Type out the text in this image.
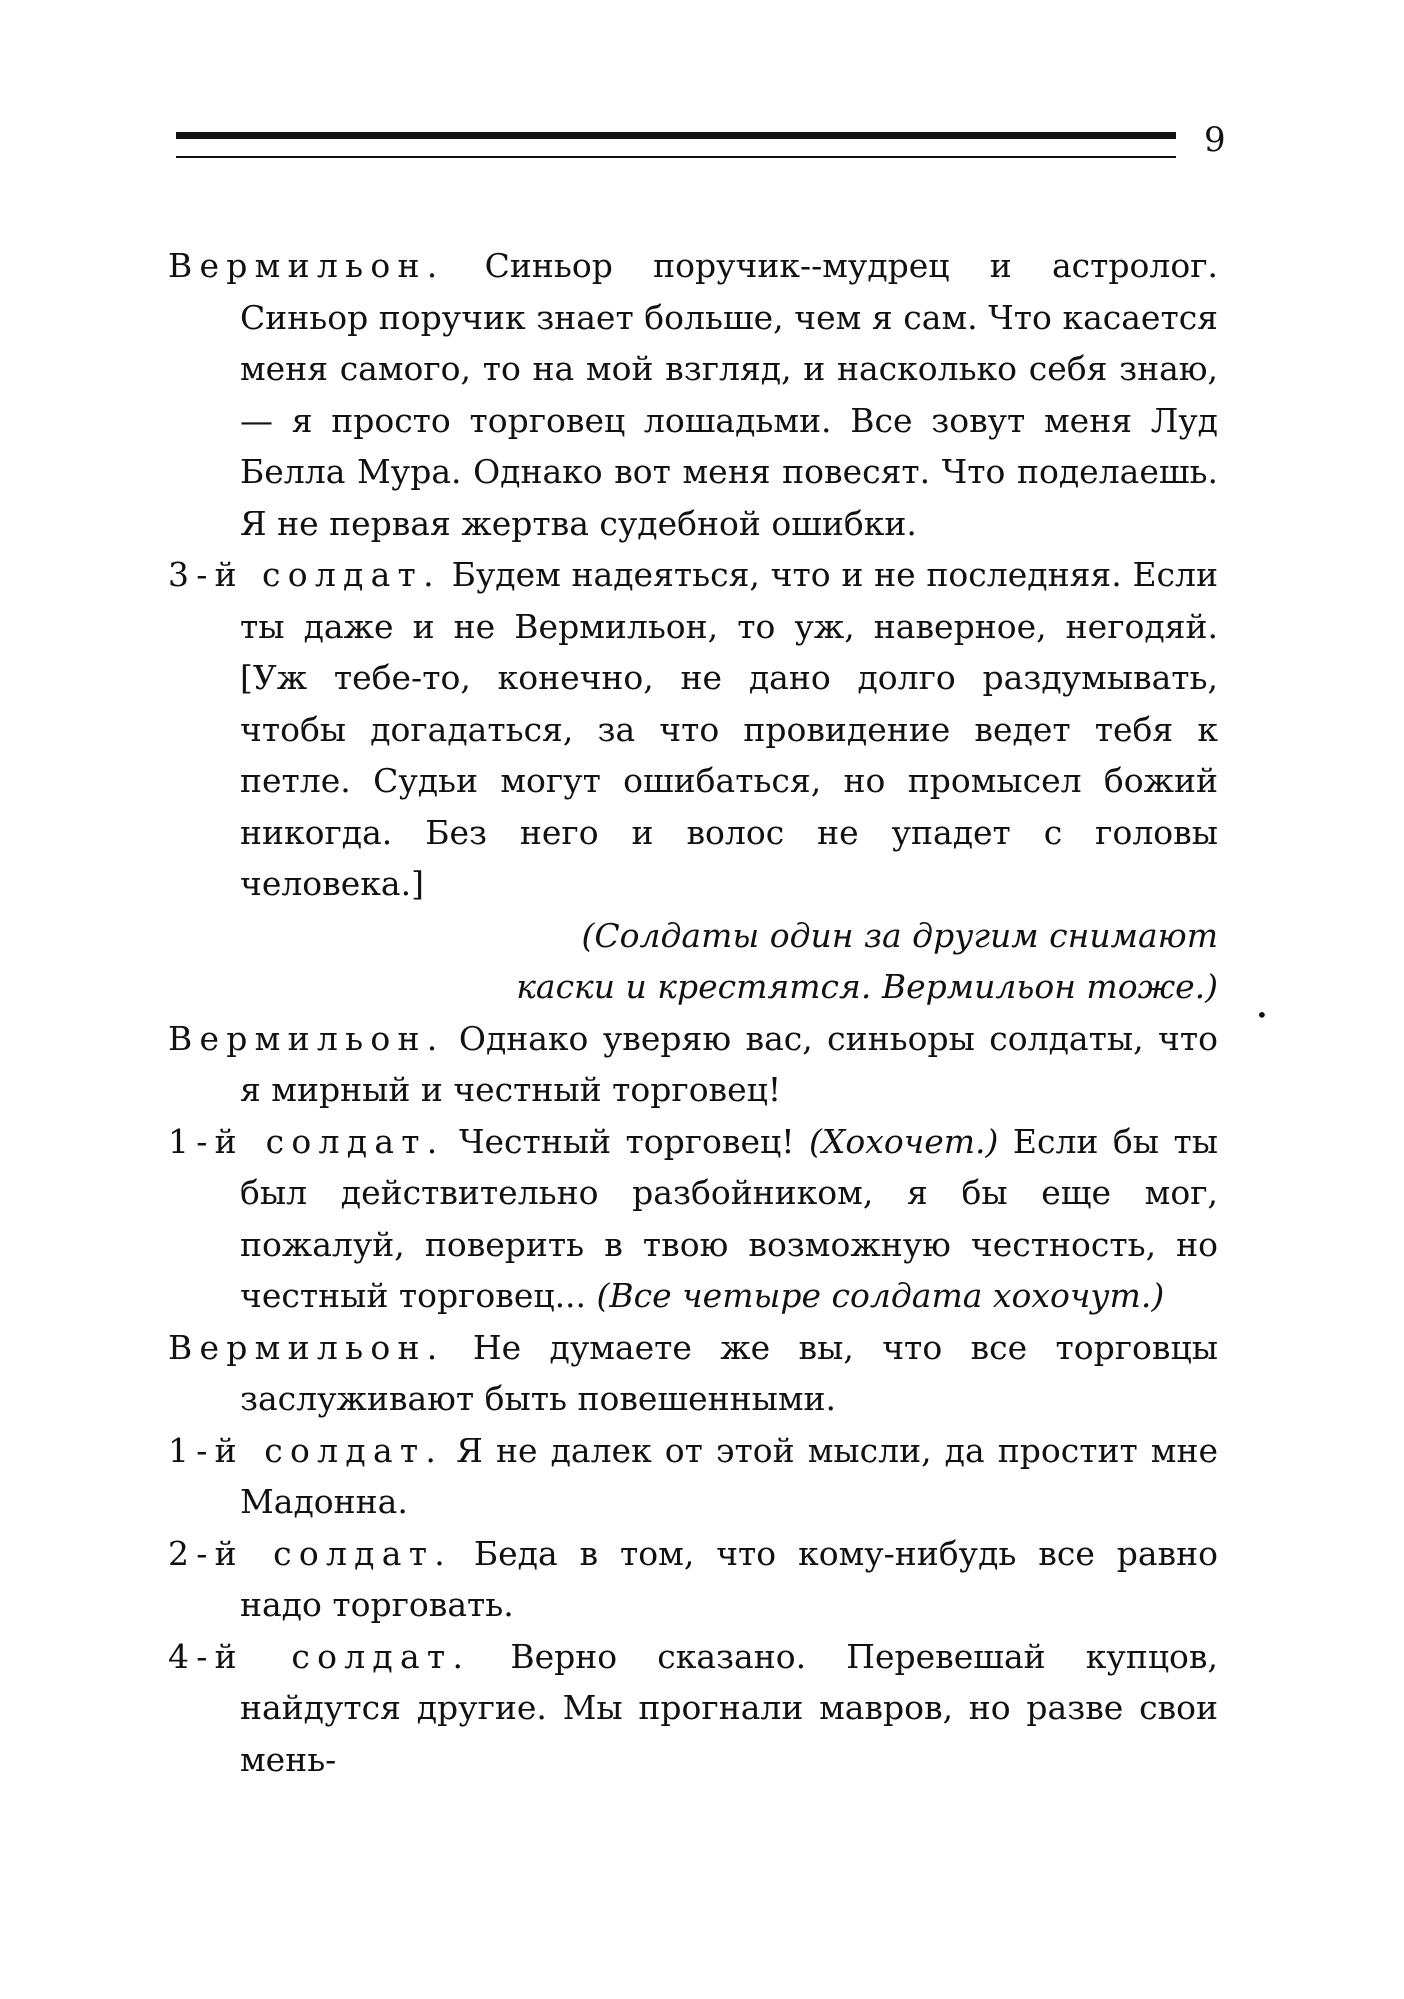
9

Вермильон. Синьор поручик--мудрец и астролог. Синьор поручик знает больше, чем я сам. Что касается меня самого, то на мой взгляд, и насколько себя знаю, — я просто торговец лошадьми. Все зовут меня Луд Белла Мура. Однако вот меня повесят. Что поделаешь. Я не первая жертва судебной ошибки.

3-й солдат. Будем надеяться, что и не последняя. Если ты даже и не Вермильон, то уж, наверное, негодяй. [Уж тебе-то, конечно, не дано долго раздумывать, чтобы догадаться, за что провидение ведет тебя к петле. Судьи могут ошибаться, но промысел божий никогда. Без него и волос не упадет с головы человека.]

(Солдаты один за другим снимают
каски и крестятся. Вермильон тоже.)

Вермильон. Однако уверяю вас, синьоры солдаты, что я мирный и честный торговец!

1-й солдат. Честный торговец! (Хохочет.) Если бы ты был действительно разбойником, я бы еще мог, пожалуй, поверить в твою возможную честность, но честный торговец... (Все четыре солдата хохочут.)

Вермильон. Не думаете же вы, что все торговцы заслуживают быть повешенными.

1-й солдат. Я не далек от этой мысли, да простит мне Мадонна.

2-й солдат. Беда в том, что кому-нибудь все равно надо торговать.

4-й солдат. Верно сказано. Перевешай купцов, найдутся другие. Мы прогнали мавров, но разве свои мень-

•
